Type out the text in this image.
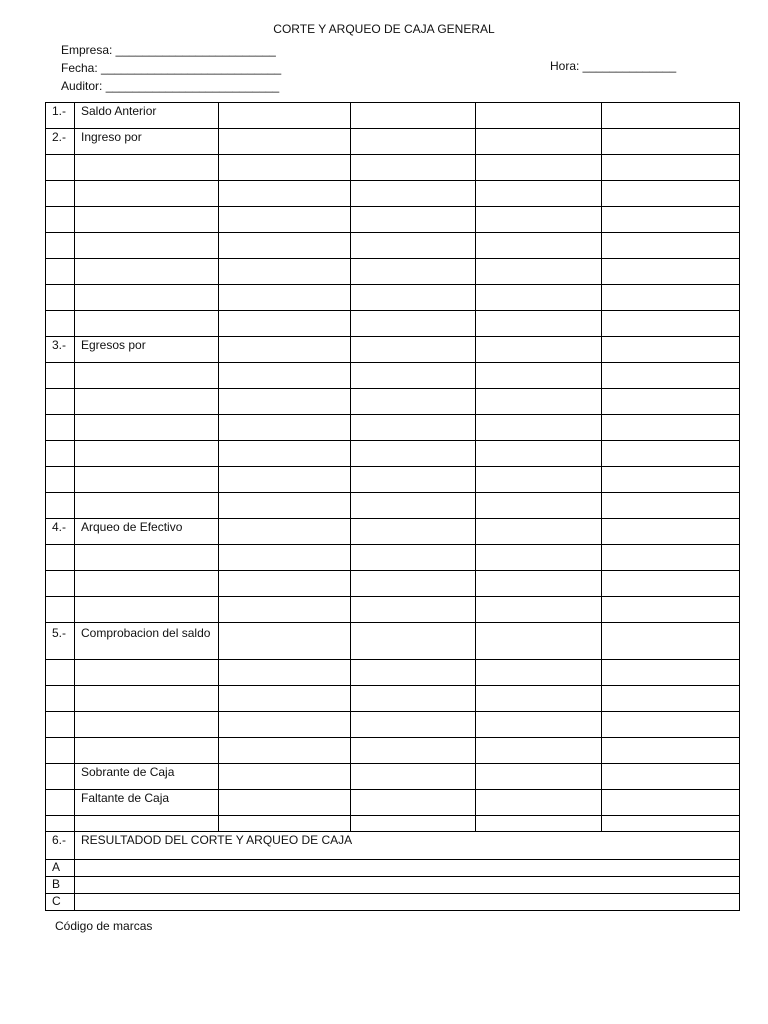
CORTE Y ARQUEO DE CAJA GENERAL
Empresa: ________________________
Fecha: ___________________________
Auditor: __________________________
Hora: ______________
1.-	Saldo Anterior				
2.-	Ingreso por				

3.-	Egresos por				

4.-	Arqueo de Efectivo				

5.-	Comprobacion del saldo				

	Sobrante de Caja				
	Faltante de Caja				

6.-	RESULTADOD DEL CORTE Y ARQUEO DE CAJA				
A					
B					
C					
Código de marcas
